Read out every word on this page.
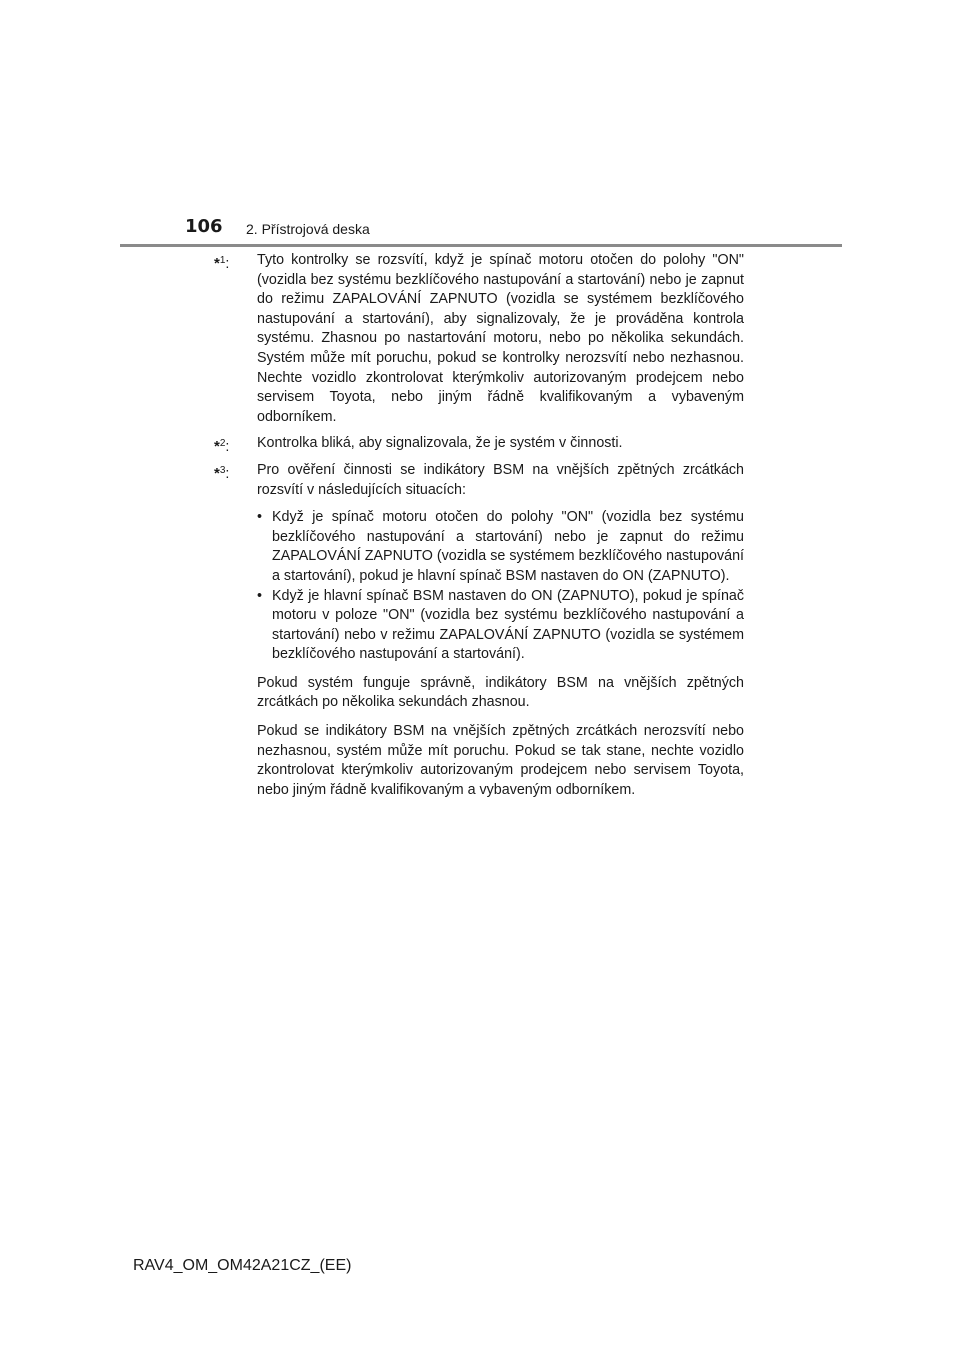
106 2. Přístrojová deska
*$^1$: Tyto kontrolky se rozsvítí, když je spínač motoru otočen do polohy "ON" (vozidla bez systému bezklíčového nastupování a startování) nebo je zapnut do režimu ZAPALOVÁNÍ ZAPNUTO (vozidla se systémem bezklíčového nastupování a startování), aby signalizovaly, že je prováděna kontrola systému. Zhasnou po nastartování motoru, nebo po několika sekundách. Systém může mít poruchu, pokud se kontrolky nerozsvítí nebo nezhasnou. Nechte vozidlo zkontrolovat kterýmkoliv autorizovaným prodejcem nebo servisem Toyota, nebo jiným řádně kvalifikovaným a vybaveným odborníkem.
*$^2$: Kontrolka bliká, aby signalizovala, že je systém v činnosti.
*$^3$: Pro ověření činnosti se indikátory BSM na vnějších zpětných zrcátkách rozsvítí v následujících situacích:
• Když je spínač motoru otočen do polohy "ON" (vozidla bez systému bezklíčového nastupování a startování) nebo je zapnut do režimu ZAPALOVÁNÍ ZAPNUTO (vozidla se systémem bezklíčového nastupování a startování), pokud je hlavní spínač BSM nastaven do ON (ZAPNUTO).
• Když je hlavní spínač BSM nastaven do ON (ZAPNUTO), pokud je spínač motoru v poloze "ON" (vozidla bez systému bezklíčového nastupování a startování) nebo v režimu ZAPALOVÁNÍ ZAPNUTO (vozidla se systémem bezklíčového nastupování a startování).

Pokud systém funguje správně, indikátory BSM na vnějších zpětných zrcátkách po několika sekundách zhasnou.

Pokud se indikátory BSM na vnějších zpětných zrcátkách nerozsvítí nebo nezhasnou, systém může mít poruchu. Pokud se tak stane, nechte vozidlo zkontrolovat kterýmkoliv autorizovaným prodejcem nebo servisem Toyota, nebo jiným řádně kvalifikovaným a vybaveným odborníkem.

RAV4_OM_OM42A21CZ_(EE)
